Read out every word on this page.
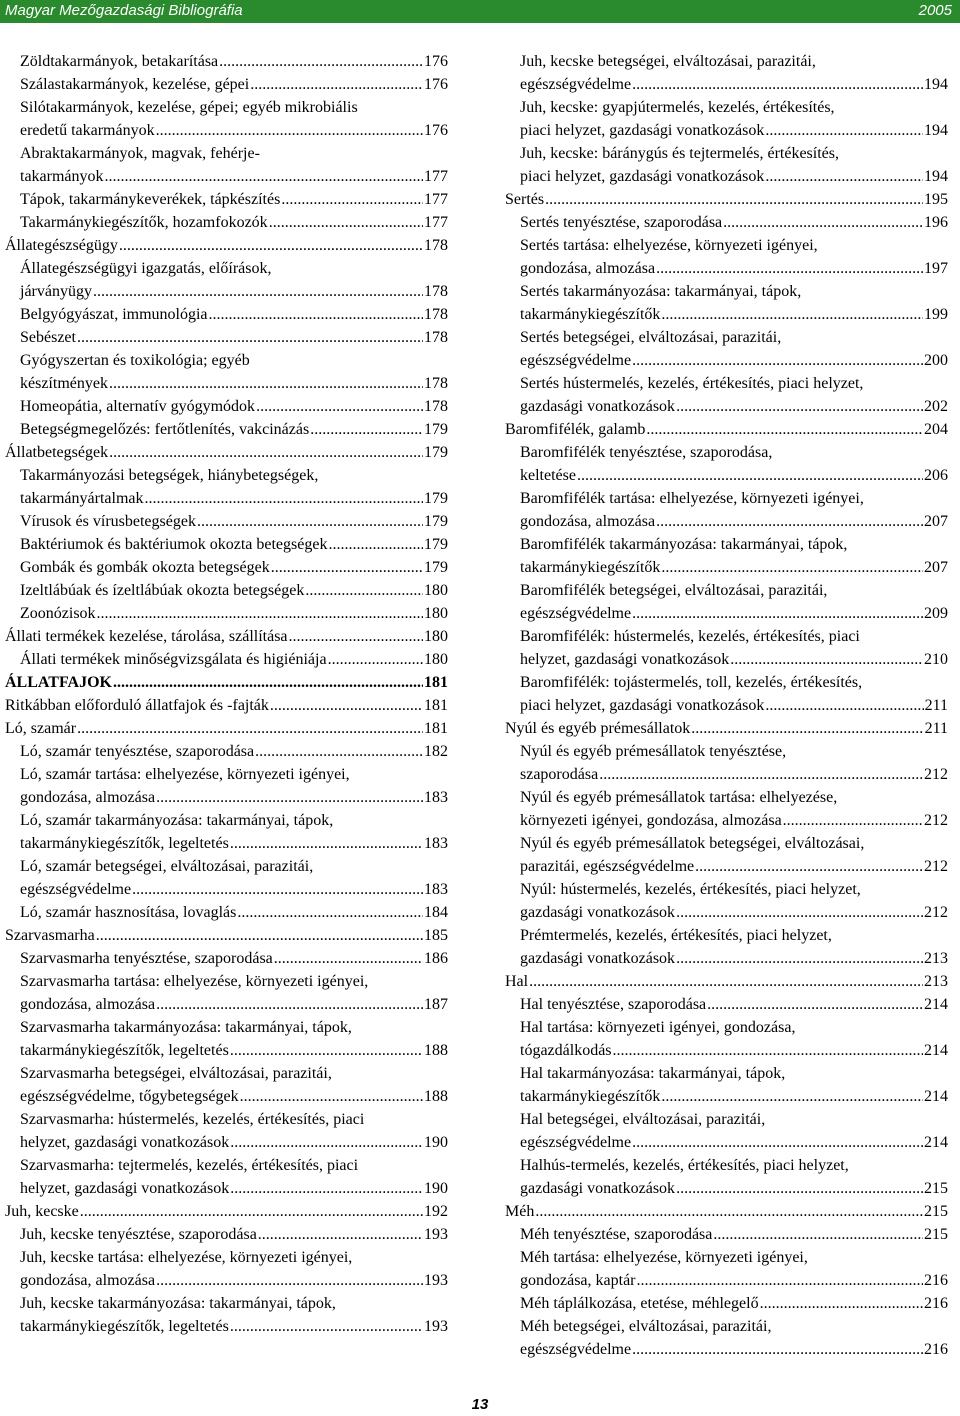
Magyar Mezőgazdasági Bibliográfia	2005
Zöldtakarmányok, betakarítása .....	176
Szálastakarmányok, kezelése, gépei .....	176
Silótakarmányok, kezelése, gépei; egyéb mikrobiális
eredetű takarmányok .....	176
Abraktakarmányok, magvak, fehérje-
takarmányok .....	177
Tápok, takarmánykeverékek, tápkészítés .....	177
Takarmánykiegészítők, hozamfokozók .....	177
Állategészségügy .....	178
Állategészségügyi igazgatás, előírások,
járványügy .....	178
Belgyógyászat, immunológia .....	178
Sebészet .....	178
Gyógyszertan és toxikológia; egyéb
készítmények .....	178
Homeopátia, alternatív gyógymódok .....	178
Betegségmegelőzés: fertőtlenítés, vakcinázás .....	179
Állatbetegségek .....	179
Takarmányozási betegségek, hiánybetegségek,
takarmányártalmak .....	179
Vírusok és vírusbetegségek .....	179
Baktériumok és baktériumok okozta betegségek .....	179
Gombák és gombák okozta betegségek .....	179
Izeltlábúak és ízeltlábúak okozta betegségek .....	180
Zoonózisok .....	180
Állati termékek kezelése, tárolása, szállítása .....	180
Állati termékek minőségvizsgálata és higiéniája .....	180
ÁLLATFAJOK .....	181
Ritkábban előforduló állatfajok és -fajták .....	181
Ló, szamár .....	181
Ló, szamár tenyésztése, szaporodása .....	182
Ló, szamár tartása: elhelyezése, környezeti igényei,
gondozása, almozása .....	183
Ló, szamár takarmányozása: takarmányai, tápok,
takarmánykiegészítők, legeltetés .....	183
Ló, szamár betegségei, elváltozásai, parazitái,
egészségvédelme .....	183
Ló, szamár hasznosítása, lovaglás .....	184
Szarvasmarha .....	185
Szarvasmarha tenyésztése, szaporodása .....	186
Szarvasmarha tartása: elhelyezése, környezeti igényei,
gondozása, almozása .....	187
Szarvasmarha takarmányozása: takarmányai, tápok,
takarmánykiegészítők, legeltetés .....	188
Szarvasmarha betegségei, elváltozásai, parazitái,
egészségvédelme, tőgybetegségek .....	188
Szarvasmarha: hústermelés, kezelés, értékesítés, piaci
helyzet, gazdasági vonatkozások .....	190
Szarvasmarha: tejtermelés, kezelés, értékesítés, piaci
helyzet, gazdasági vonatkozások .....	190
Juh, kecske .....	192
Juh, kecske tenyésztése, szaporodása .....	193
Juh, kecske tartása: elhelyezése, környezeti igényei,
gondozása, almozása .....	193
Juh, kecske takarmányozása: takarmányai, tápok,
takarmánykiegészítők, legeltetés .....	193
Juh, kecske betegségei, elváltozásai, parazitái,
egészségvédelme .....	194
Juh, kecske: gyapjútermelés, kezelés, értékesítés,
piaci helyzet, gazdasági vonatkozások .....	194
Juh, kecske: báránygús és tejtermelés, értékesítés,
piaci helyzet, gazdasági vonatkozások .....	194
Sertés .....	195
Sertés tenyésztése, szaporodása .....	196
Sertés tartása: elhelyezése, környezeti igényei,
gondozása, almozása .....	197
Sertés takarmányozása: takarmányai, tápok,
takarmánykiegészítők .....	199
Sertés betegségei, elváltozásai, parazitái,
egészségvédelme .....	200
Sertés hústermelés, kezelés, értékesítés, piaci helyzet,
gazdasági vonatkozások .....	202
Baromfifélék, galamb .....	204
Baromfifélék tenyésztése, szaporodása,
keltetése .....	206
Baromfifélék tartása: elhelyezése, környezeti igényei,
gondozása, almozása .....	207
Baromfifélék takarmányozása: takarmányai, tápok,
takarmánykiegészítők .....	207
Baromfifélék betegségei, elváltozásai, parazitái,
egészségvédelme .....	209
Baromfifélék: hústermelés, kezelés, értékesítés, piaci
helyzet, gazdasági vonatkozások .....	210
Baromfifélék: tojástermelés, toll, kezelés, értékesítés,
piaci helyzet, gazdasági vonatkozások .....	211
Nyúl és egyéb prémesállatok .....	211
Nyúl és egyéb prémesállatok tenyésztése,
szaporodása .....	212
Nyúl és egyéb prémesállatok tartása: elhelyezése,
környezeti igényei, gondozása, almozása .....	212
Nyúl és egyéb prémesállatok betegségei, elváltozásai,
parazitái, egészségvédelme .....	212
Nyúl: hústermelés, kezelés, értékesítés, piaci helyzet,
gazdasági vonatkozások .....	212
Prémtermelés, kezelés, értékesítés, piaci helyzet,
gazdasági vonatkozások .....	213
Hal .....	213
Hal tenyésztése, szaporodása .....	214
Hal tartása: környezeti igényei, gondozása,
tógazdálkodás .....	214
Hal takarmányozása: takarmányai, tápok,
takarmánykiegészítők .....	214
Hal betegségei, elváltozásai, parazitái,
egészségvédelme .....	214
Halhús-termelés, kezelés, értékesítés, piaci helyzet,
gazdasági vonatkozások .....	215
Méh .....	215
Méh tenyésztése, szaporodása .....	215
Méh tartása: elhelyezése, környezeti igényei,
gondozása, kaptár .....	216
Méh táplálkozása, etetése, méhlegelő .....	216
Méh betegségei, elváltozásai, parazitái,
egészségvédelme .....	216
13
